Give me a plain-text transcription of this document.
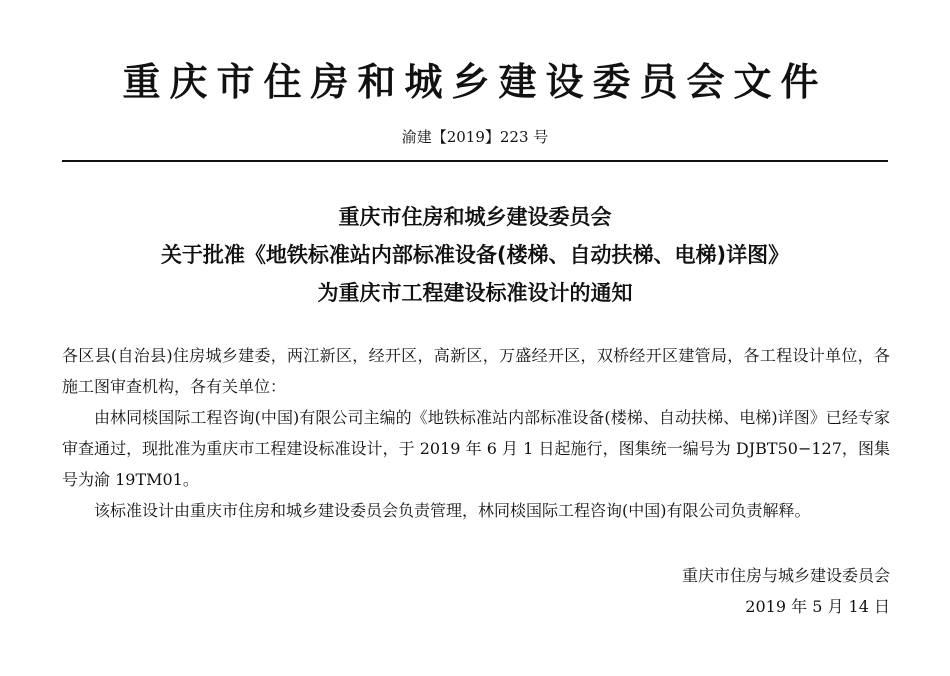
重庆市住房和城乡建设委员会文件
渝建【2019】223 号
重庆市住房和城乡建设委员会
关于批准《地铁标准站内部标准设备(楼梯、自动扶梯、电梯)详图》
为重庆市工程建设标准设计的通知

各区县(自治县)住房城乡建委，两江新区，经开区，高新区，万盛经开区，双桥经开区建管局，各工程设计单位，各施工图审查机构，各有关单位：

由林同棪国际工程咨询(中国)有限公司主编的《地铁标准站内部标准设备(楼梯、自动扶梯、电梯)详图》已经专家审查通过，现批准为重庆市工程建设标准设计，于 2019 年 6 月 1 日起施行，图集统一编号为 DJBT50−127，图集号为渝 19TM01。

该标准设计由重庆市住房和城乡建设委员会负责管理，林同棪国际工程咨询(中国)有限公司负责解释。

重庆市住房与城乡建设委员会
2019 年 5 月 14 日
